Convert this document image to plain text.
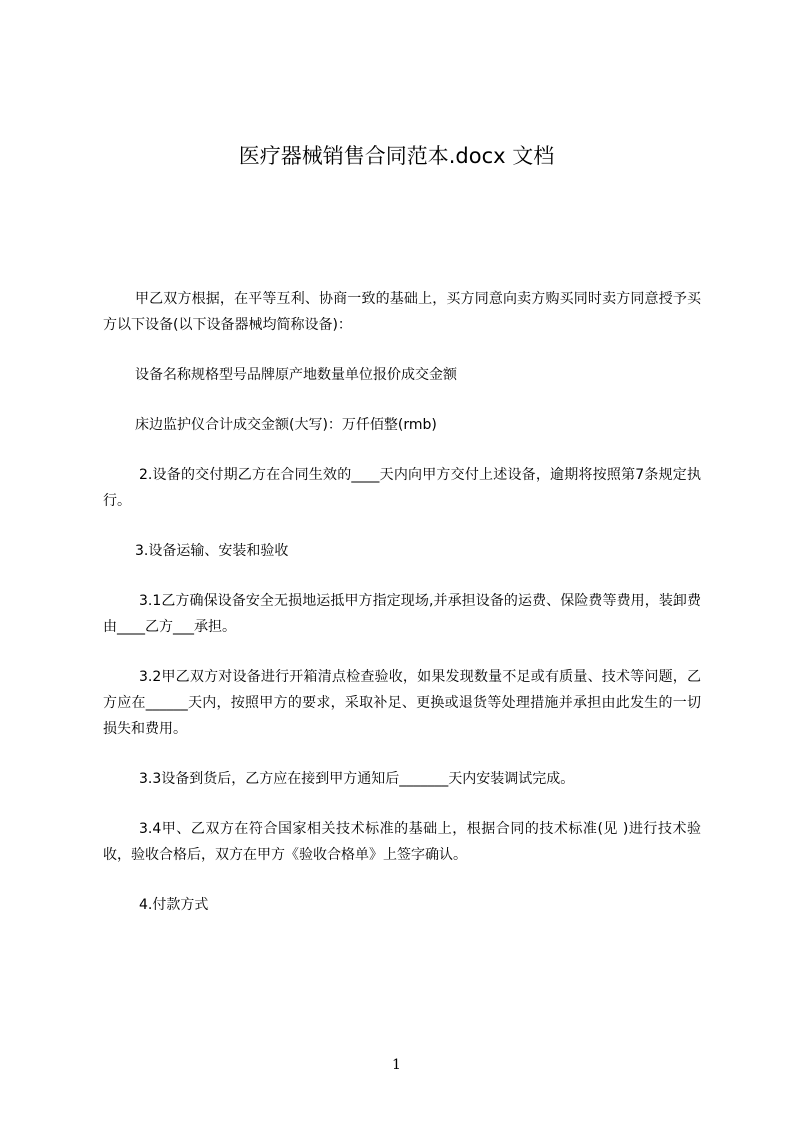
医疗器械销售合同范本.docx 文档

甲乙双方根据，在平等互利、协商一致的基础上，买方同意向卖方购买同时卖方同意授予买方以下设备(以下设备器械均简称设备)：

设备名称规格型号品牌原产地数量单位报价成交金额

床边监护仪合计成交金额(大写)：万仟佰整(rmb)

2.设备的交付期乙方在合同生效的____天内向甲方交付上述设备，逾期将按照第7条规定执行。

3.设备运输、安装和验收

3.1乙方确保设备安全无损地运抵甲方指定现场,并承担设备的运费、保险费等费用，装卸费由____乙方___承担。

3.2甲乙双方对设备进行开箱清点检查验收，如果发现数量不足或有质量、技术等问题，乙方应在______天内，按照甲方的要求，采取补足、更换或退货等处理措施并承担由此发生的一切损失和费用。

3.3设备到货后，乙方应在接到甲方通知后_______天内安装调试完成。

3.4甲、乙双方在符合国家相关技术标准的基础上，根据合同的技术标准(见 )进行技术验收，验收合格后，双方在甲方《验收合格单》上签字确认。

4.付款方式

1
